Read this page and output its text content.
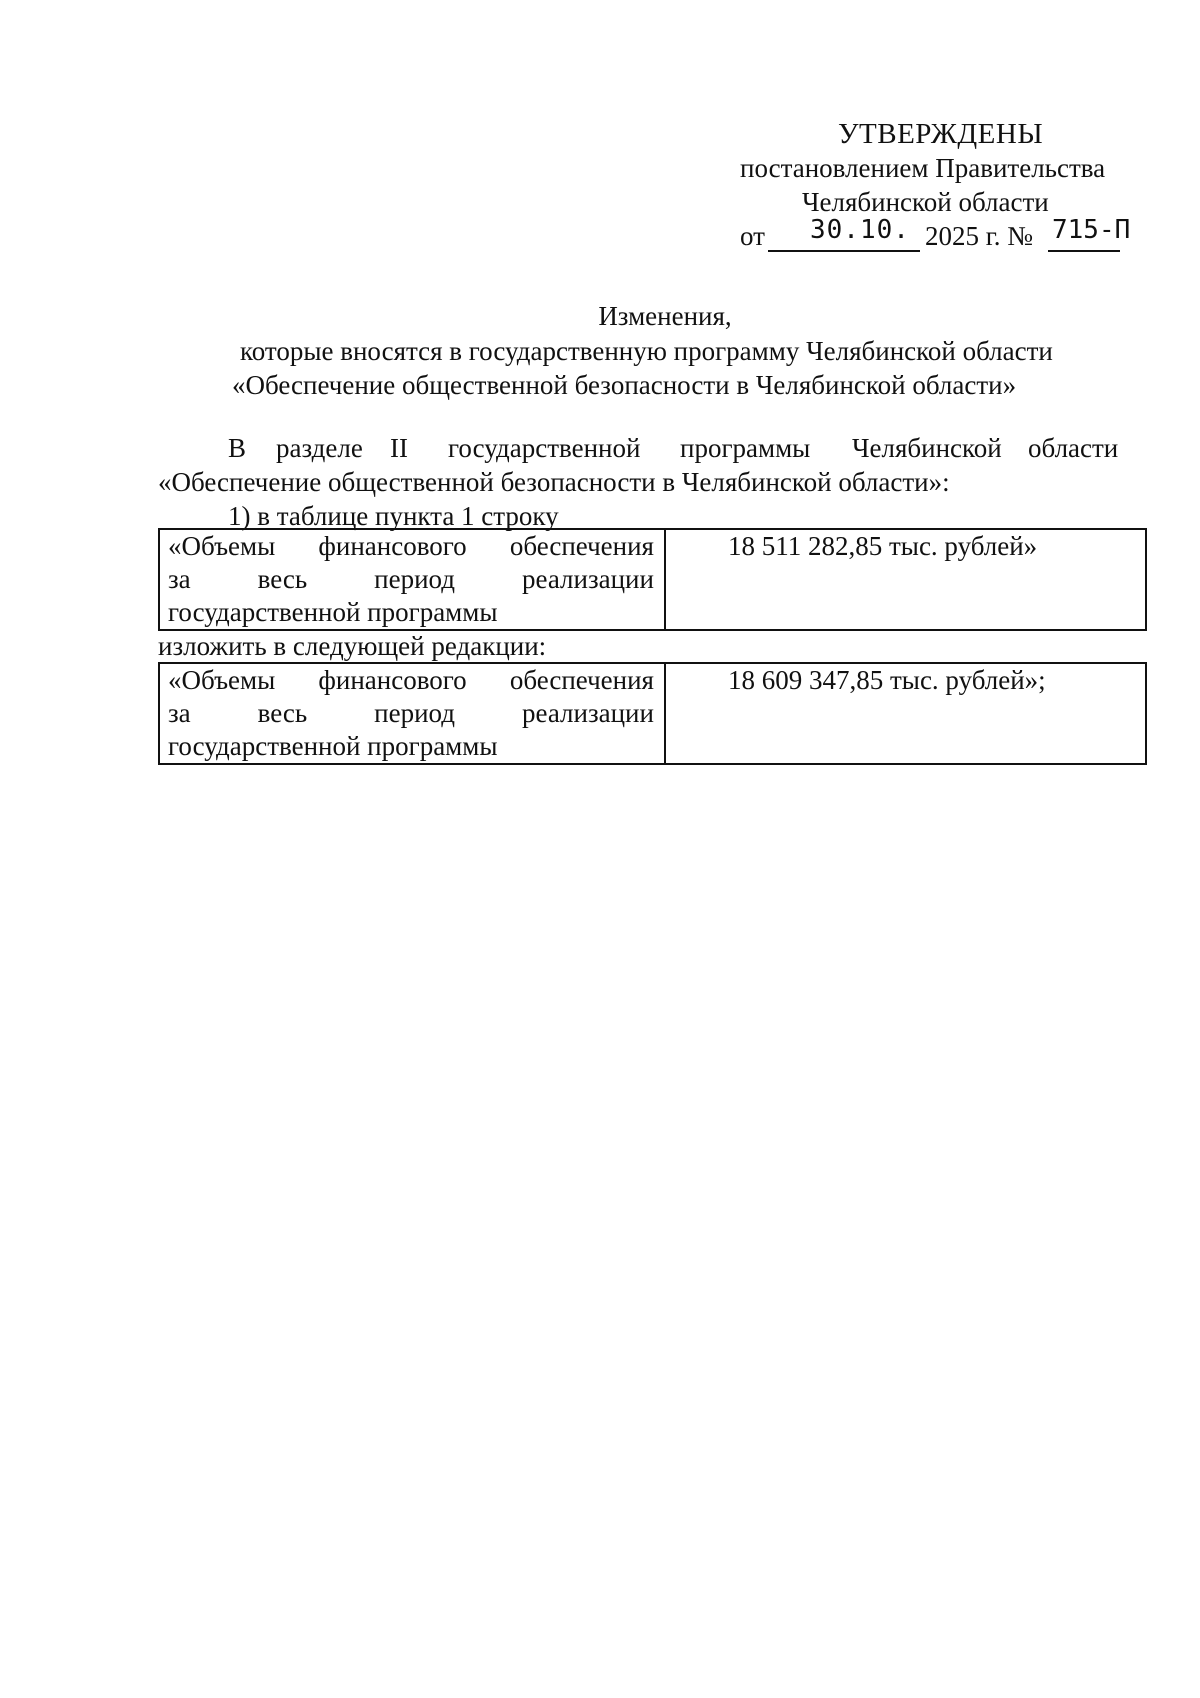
УТВЕРЖДЕНЫ
постановлением Правительства
Челябинской области
от 30.10. 2025 г. № 715-П
Изменения,
которые вносятся в государственную программу Челябинской области
«Обеспечение общественной безопасности в Челябинской области»
В разделе II государственной программы Челябинской области
«Обеспечение общественной безопасности в Челябинской области»:
1) в таблице пункта 1 строку
«Объемы финансового обеспечения
за весь период реализации
государственной программы
	18 511 282,85 тыс. рублей»
изложить в следующей редакции:
«Объемы финансового обеспечения
за весь период реализации
государственной программы
	18 609 347,85 тыс. рублей»;
